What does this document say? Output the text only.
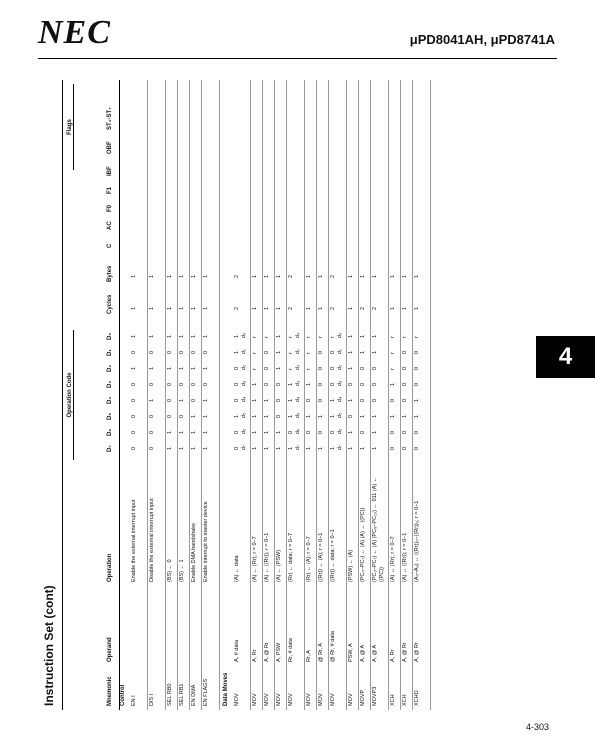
NEC	μPD8041AH, μPD8741A
4
4-303
Instruction Set (cont)	Mnemonic
Operand
Operation
Operation Code
Cycles
Bytes
Flags
D₇
D₆
D₅
D₄
D₃
D₂
D₁
D₀
C
AC
F0
F1
IBF
OBF
ST₄-ST₇
Control EN I
Enable the external interrupt input
0
0
0
0
0
1
0
1
1
1
DIS I
Disable the external interrupt input
0
0
0
1
0
1
0
1
1
1
SEL RB0
(BS) ← 0
1
1
0
0
0
1
0
1
1
1
SEL RB1
(BS) ← 1
1
1
0
1
0
1
0
1
1
1
EN DMA
Enable DMA handshake
1
1
1
0
0
1
0
1
1
1
EN FLAGS
Enable interrupt to master device
1
1
1
1
0
1
0
1
1
1
Data Moves MOV
A, # data
(A) ← data
0 d₇
0 d₆
1 d₅
0 d₄
0 d₃
0 d₂
1 d₁
1 d₀
2
2
MOV
A, Rr
(A) ← (Rr); r = 0–7
1
1
1
1
1
r
r
r
1
1
MOV
A, @ Rr
(A) ← ((Rr)); r = 0–1
1
1
1
1
0
0
0
r
1
1
MOV
A, PSW
(A) ← (PSW)
1
1
0
0
0
1
1
1
1
1
MOV
Rr, # data
(Rr) ← data; r = 0–7
1 d₇
0 d₆
1 d₅
1 d₄
1 d₃
r d₂
r d₁
r d₀
2
2
MOV
Rr, A
(Rr) ← (A); r = 0–7
1
0
1
0
1
r
r
r
1
1
MOV
@ Rr, A
((Rr)) ← (A); r = 0–1
1
0
1
0
0
0
0
r
1
1
MOV
@ Rr, # data
((Rr)) ← data; r = 0–1
1 d₇
0 d₆
1 d₅
1 d₄
0 d₃
0 d₂
0 d₁
r d₀
2
2
MOV
PSW, A
(PSW) ← (A)
1
1
0
1
0
1
1
1
1
1
MOVP
A, @ A
(PC₀–PC₇) ← (A) (A) ← ((PC))
1
0
1
0
0
0
1
1
2
1
MOVP3
A, @ A
(PC₀–PC₇) ← (A) (PC₈–PC₁₀) ← 011 (A) ← ((PC))
1
1
1
0
0
0
1
1
2
1
XCH
A, Rr
(A) ↔ (Rr); r = 0–7
0
0
1
0
1
r
r
r
1
1
XCH
A, @ Rr
(A) ↔ ((Rr)); r = 0–1
0
0
1
0
0
0
0
r
1
1
XCHD
A, @ Rr
(A₀–A₃) ↔ ((Rr))₀–((Rr))₃; r = 0–1
0
0
1
1
0
0
0
r
1
1
